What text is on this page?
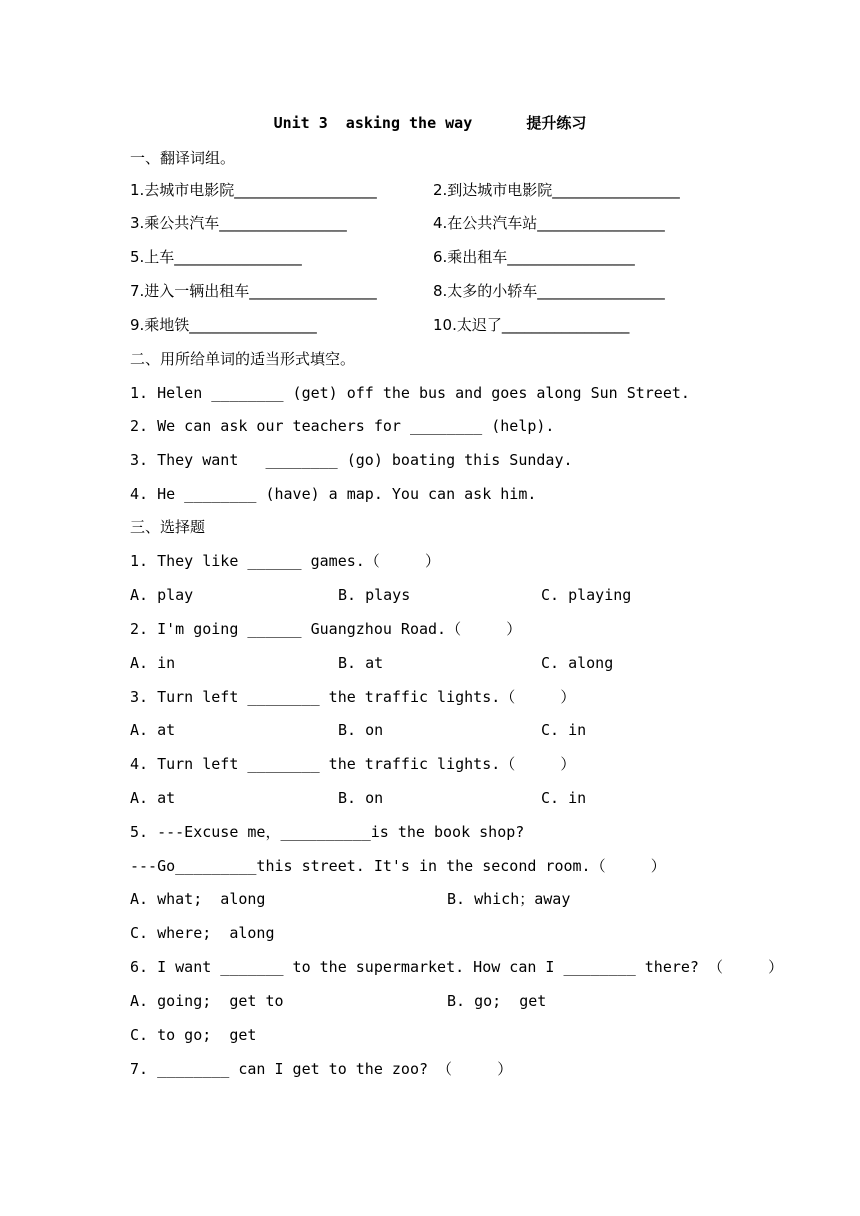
Unit 3  asking the way      提升练习
一、翻译词组。
1.去城市电影院___________________	2.到达城市电影院_________________
3.乘公共汽车_________________	4.在公共汽车站_________________
5.上车_________________	6.乘出租车_________________
7.进入一辆出租车_________________	8.太多的小轿车_________________
9.乘地铁_________________	10.太迟了_________________
二、用所给单词的适当形式填空。
1. Helen ________ (get) off the bus and goes along Sun Street.
2. We can ask our teachers for ________ (help).
3. They want   ________ (go) boating this Sunday.
4. He ________ (have) a map. You can ask him.
三、选择题
1. They like ______ games.（     ）
A. play	B. plays	C. playing
2. I'm going ______ Guangzhou Road.（     ）
A. in	B. at	C. along
3. Turn left ________ the traffic lights.（     ）
A. at	B. on	C. in
4. Turn left ________ the traffic lights.（     ）
A. at	B. on	C. in
5. ---Excuse me，__________is the book shop?
---Go_________this street. It's in the second room.（     ）
A. what;  along	B. which；away
C. where;  along
6. I want _______ to the supermarket. How can I ________ there? （     ）
A. going;  get to	B. go;  get
C. to go;  get
7. ________ can I get to the zoo? （     ）
